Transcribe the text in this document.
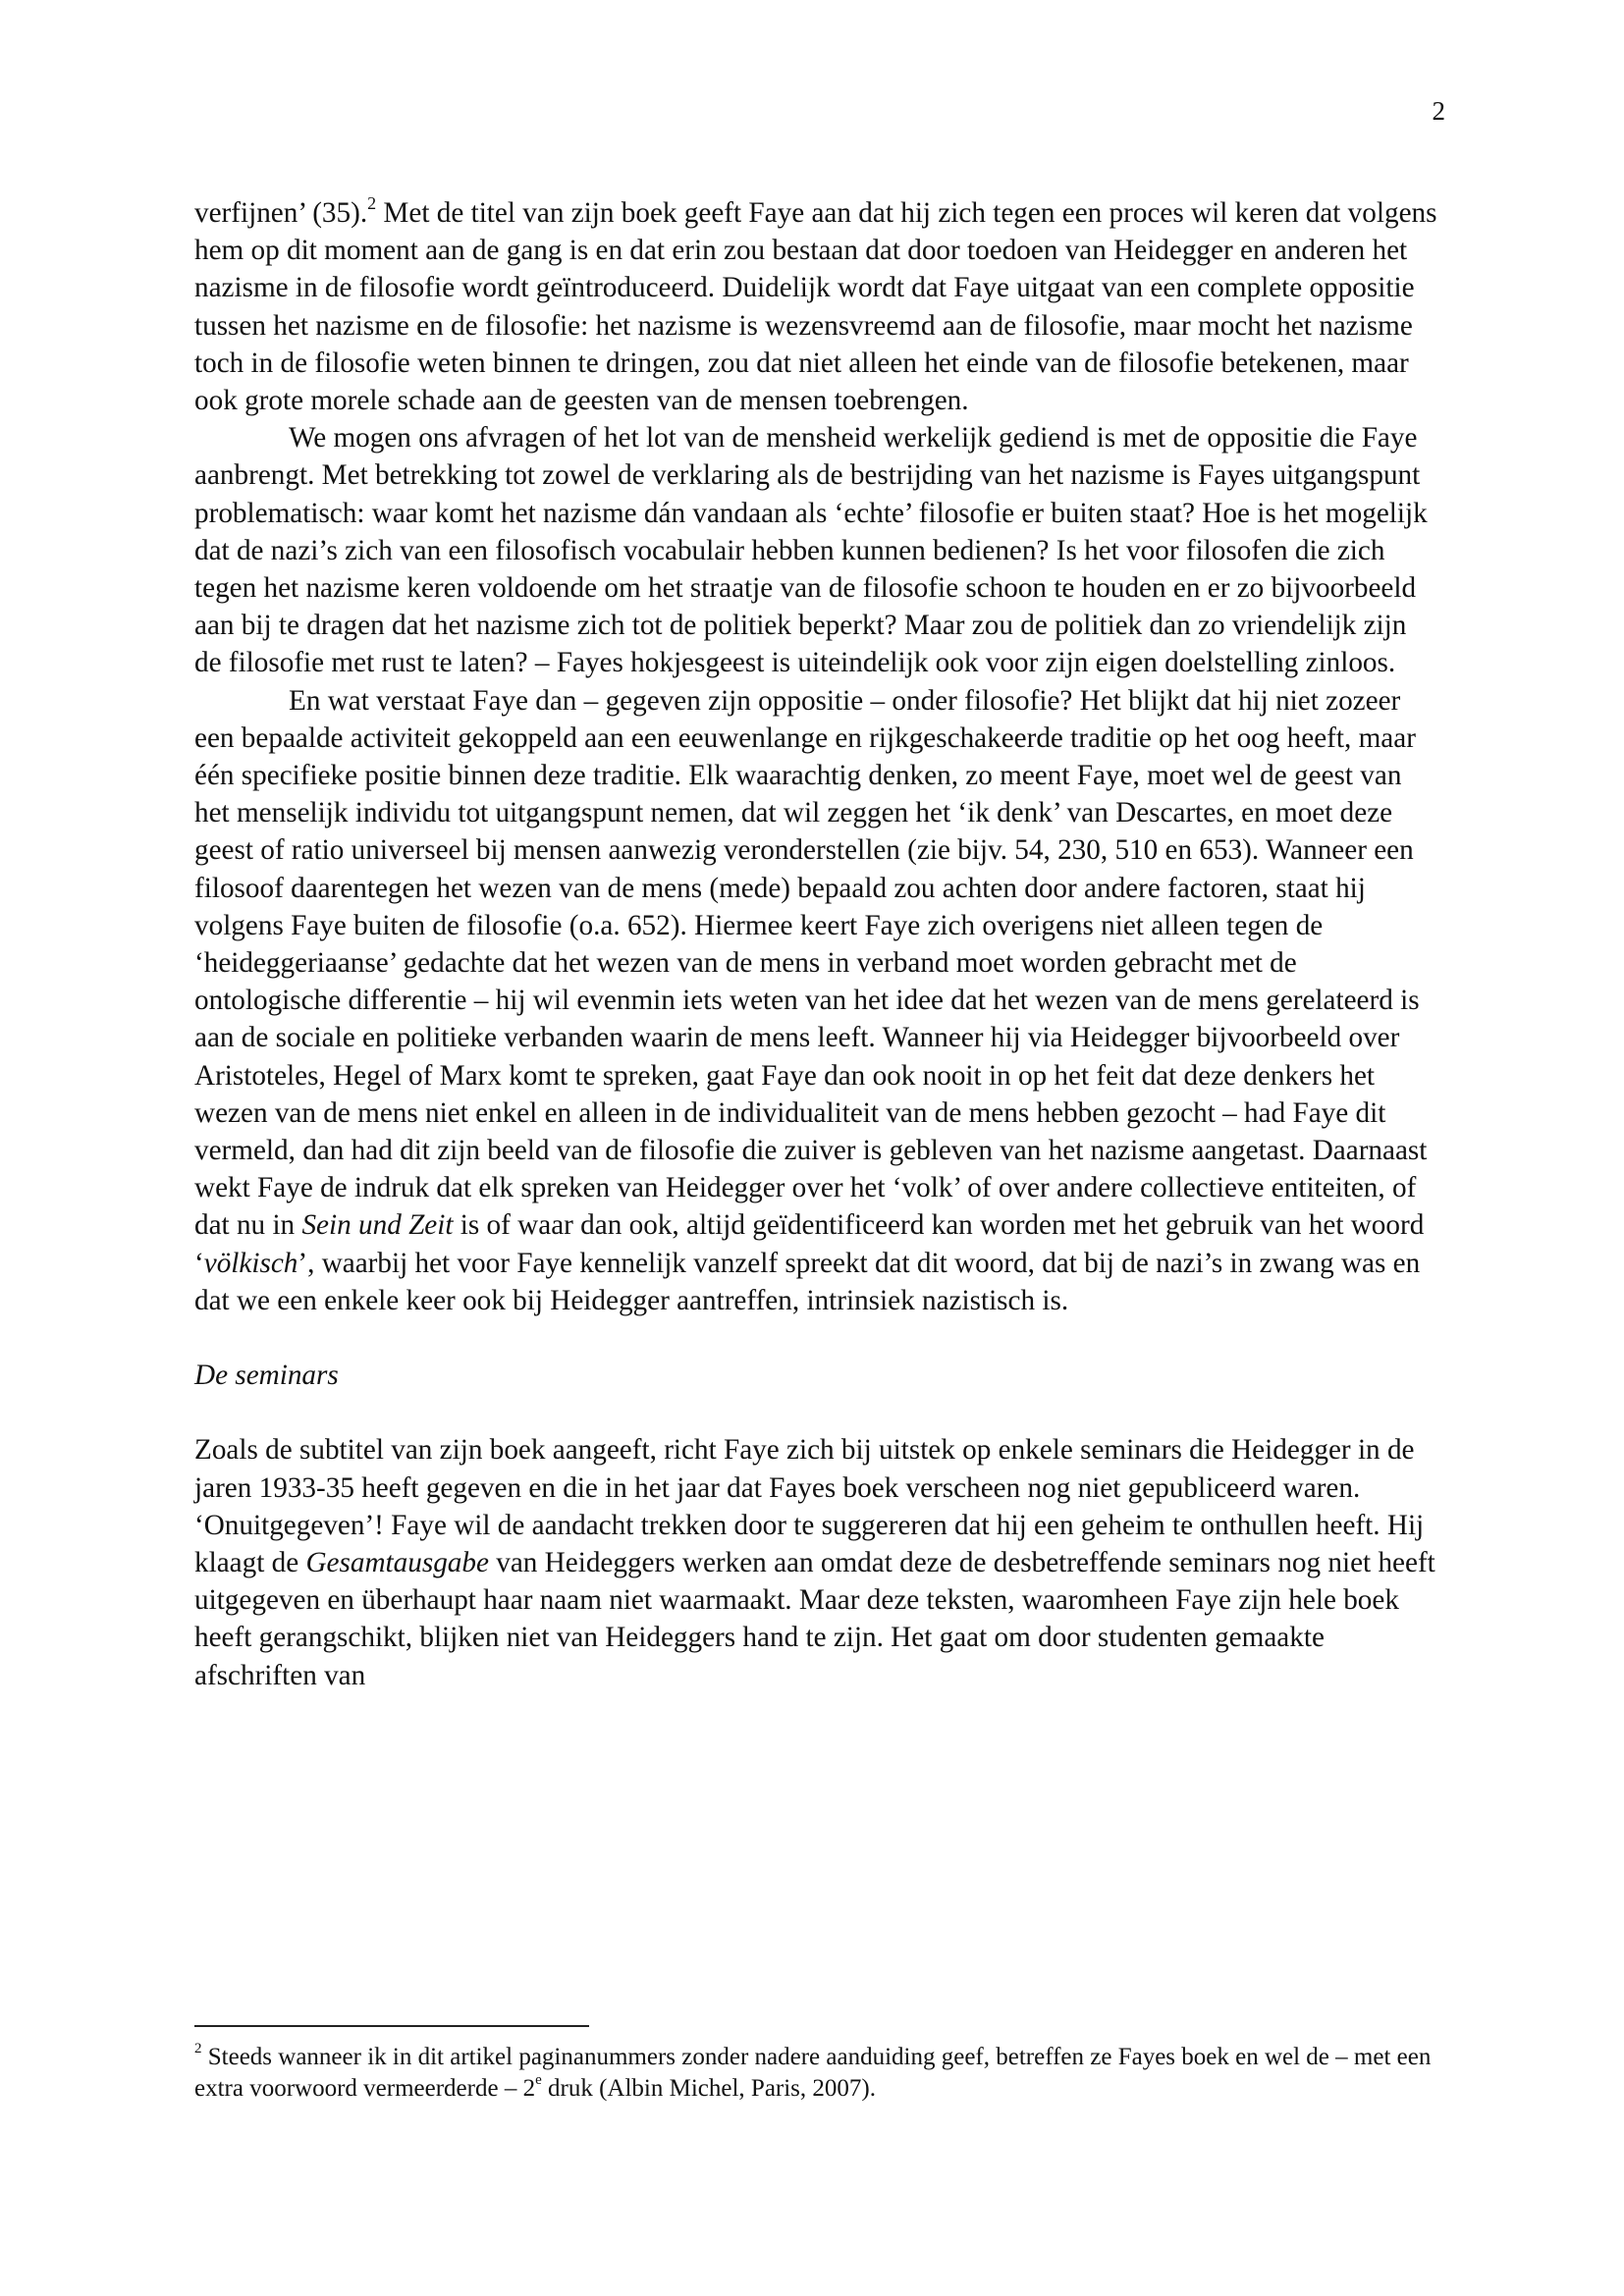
2

verfijnen’ (35).$^2$ Met de titel van zijn boek geeft Faye aan dat hij zich tegen een proces wil keren dat volgens hem op dit moment aan de gang is en dat erin zou bestaan dat door toedoen van Heidegger en anderen het nazisme in de filosofie wordt geïntroduceerd. Duidelijk wordt dat Faye uitgaat van een complete oppositie tussen het nazisme en de filosofie: het nazisme is wezensvreemd aan de filosofie, maar mocht het nazisme toch in de filosofie weten binnen te dringen, zou dat niet alleen het einde van de filosofie betekenen, maar ook grote morele schade aan de geesten van de mensen toebrengen.

We mogen ons afvragen of het lot van de mensheid werkelijk gediend is met de oppositie die Faye aanbrengt. Met betrekking tot zowel de verklaring als de bestrijding van het nazisme is Fayes uitgangspunt problematisch: waar komt het nazisme dán vandaan als ‘echte’ filosofie er buiten staat? Hoe is het mogelijk dat de nazi’s zich van een filosofisch vocabulair hebben kunnen bedienen? Is het voor filosofen die zich tegen het nazisme keren voldoende om het straatje van de filosofie schoon te houden en er zo bijvoorbeeld aan bij te dragen dat het nazisme zich tot de politiek beperkt? Maar zou de politiek dan zo vriendelijk zijn de filosofie met rust te laten? – Fayes hokjesgeest is uiteindelijk ook voor zijn eigen doelstelling zinloos.

En wat verstaat Faye dan – gegeven zijn oppositie – onder filosofie? Het blijkt dat hij niet zozeer een bepaalde activiteit gekoppeld aan een eeuwenlange en rijkgeschakeerde traditie op het oog heeft, maar één specifieke positie binnen deze traditie. Elk waarachtig denken, zo meent Faye, moet wel de geest van het menselijk individu tot uitgangspunt nemen, dat wil zeggen het ‘ik denk’ van Descartes, en moet deze geest of ratio universeel bij mensen aanwezig veronderstellen (zie bijv. 54, 230, 510 en 653). Wanneer een filosoof daarentegen het wezen van de mens (mede) bepaald zou achten door andere factoren, staat hij volgens Faye buiten de filosofie (o.a. 652). Hiermee keert Faye zich overigens niet alleen tegen de ‘heideggeriaanse’ gedachte dat het wezen van de mens in verband moet worden gebracht met de ontologische differentie – hij wil evenmin iets weten van het idee dat het wezen van de mens gerelateerd is aan de sociale en politieke verbanden waarin de mens leeft. Wanneer hij via Heidegger bijvoorbeeld over Aristoteles, Hegel of Marx komt te spreken, gaat Faye dan ook nooit in op het feit dat deze denkers het wezen van de mens niet enkel en alleen in de individualiteit van de mens hebben gezocht – had Faye dit vermeld, dan had dit zijn beeld van de filosofie die zuiver is gebleven van het nazisme aangetast. Daarnaast wekt Faye de indruk dat elk spreken van Heidegger over het ‘volk’ of over andere collectieve entiteiten, of dat nu in Sein und Zeit is of waar dan ook, altijd geïdentificeerd kan worden met het gebruik van het woord ‘völkisch’, waarbij het voor Faye kennelijk vanzelf spreekt dat dit woord, dat bij de nazi’s in zwang was en dat we een enkele keer ook bij Heidegger aantreffen, intrinsiek nazistisch is.

De seminars

Zoals de subtitel van zijn boek aangeeft, richt Faye zich bij uitstek op enkele seminars die Heidegger in de jaren 1933-35 heeft gegeven en die in het jaar dat Fayes boek verscheen nog niet gepubliceerd waren. ‘Onuitgegeven’! Faye wil de aandacht trekken door te suggereren dat hij een geheim te onthullen heeft. Hij klaagt de Gesamtausgabe van Heideggers werken aan omdat deze de desbetreffende seminars nog niet heeft uitgegeven en überhaupt haar naam niet waarmaakt. Maar deze teksten, waaromheen Faye zijn hele boek heeft gerangschikt, blijken niet van Heideggers hand te zijn. Het gaat om door studenten gemaakte afschriften van

$^2$ Steeds wanneer ik in dit artikel paginanummers zonder nadere aanduiding geef, betreffen ze Fayes boek en wel de – met een extra voorwoord vermeerderde – 2e druk (Albin Michel, Paris, 2007).
